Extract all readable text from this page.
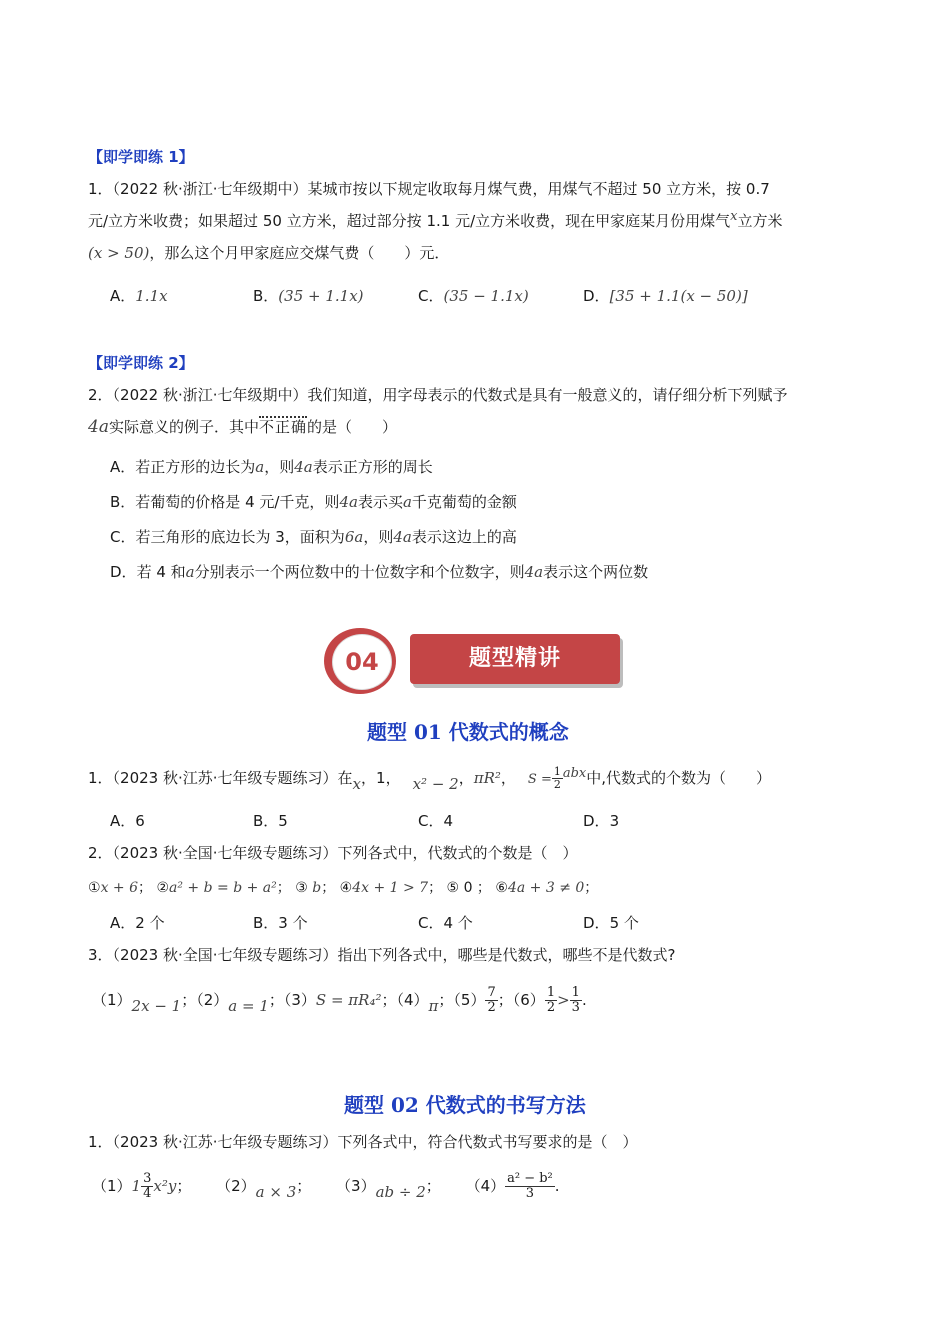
【即学即练 1】
1．（2022 秋·浙江·七年级期中）某城市按以下规定收取每月煤气费，用煤气不超过 50 立方米，按 0.7
元/立方米收费；如果超过 50 立方米，超过部分按 1.1 元/立方米收费，现在甲家庭某月份用煤气x立方米
(x > 50)，那么这个月甲家庭应交煤气费（　　）元．
A．1.1x	B．(35 + 1.1x)	C．(35 − 1.1x)	D．[35 + 1.1(x − 50)]
【即学即练 2】
2．（2022 秋·浙江·七年级期中）我们知道，用字母表示的代数式是具有一般意义的，请仔细分析下列赋予
4a实际意义的例子．其中不正确的是（　　）
A．若正方形的边长为a，则4a表示正方形的周长
B．若葡萄的价格是 4 元/千克，则4a表示买a千克葡萄的金额
C．若三角形的底边长为 3，面积为6a，则4a表示这边上的高
D．若 4 和a分别表示一个两位数中的十位数字和个位数字，则4a表示这个两位数
04	题型精讲
题型 01 代数式的概念
1．（2023 秋·江苏·七年级专题练习）在x，1， x² − 2，πR²， $S = \frac{1}{2}$ abx中,代数式的个数为（　　）
A．6	B．5	C．4	D．3
2．（2023 秋·全国·七年级专题练习）下列各式中，代数式的个数是（　）
①x + 6； ②a² + b = b + a²； ③ b； ④4x + 1 > 7； ⑤ 0 ； ⑥4a + 3 ≠ 0；
A．2 个	B．3 个	C．4 个	D．5 个
3．（2023 秋·全国·七年级专题练习）指出下列各式中，哪些是代数式，哪些不是代数式?
（1）2x − 1；（2）a = 1；（3）S = πR₄²；（4）π；$(5) \frac{7}{2}$ ；$(6) \frac{1}{2} > \frac{1}{3}$ .
题型 02 代数式的书写方法
1．（2023 秋·江苏·七年级专题练习）下列各式中，符合代数式书写要求的是（　）
$(1)1 \frac{3}{4} x^2y$； （2）a × 3； （3）ab ÷ 2； $(4) \frac{\text{a² − b²}}{3}$ .
